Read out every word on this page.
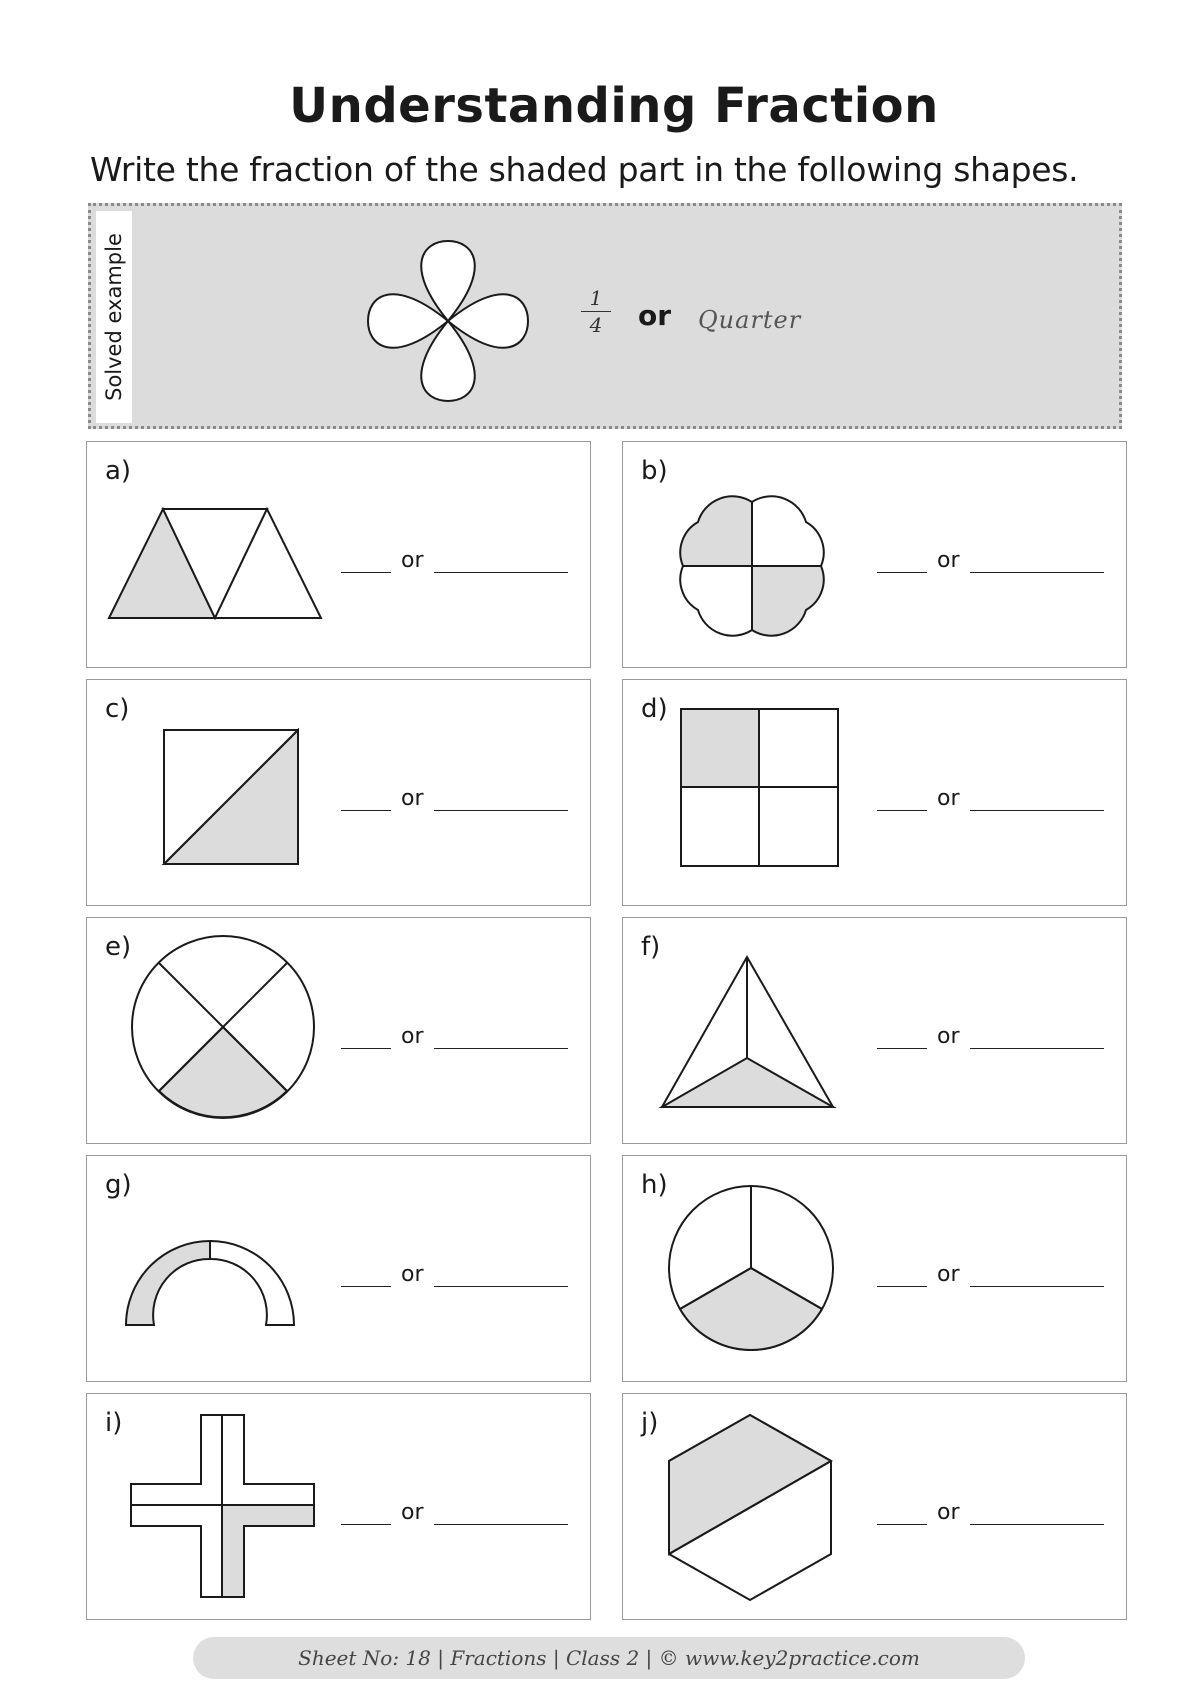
Understanding Fraction
Write the fraction of the shaded part in the following shapes.
Solved example	1
4	or Quarter
a)
or
b)
or
c)
or
d)
or
e)
or
f)
or
g)
or
h)
or
i)
or
j)
or
Sheet No: 18 | Fractions | Class 2 | © www.key2practice.com
